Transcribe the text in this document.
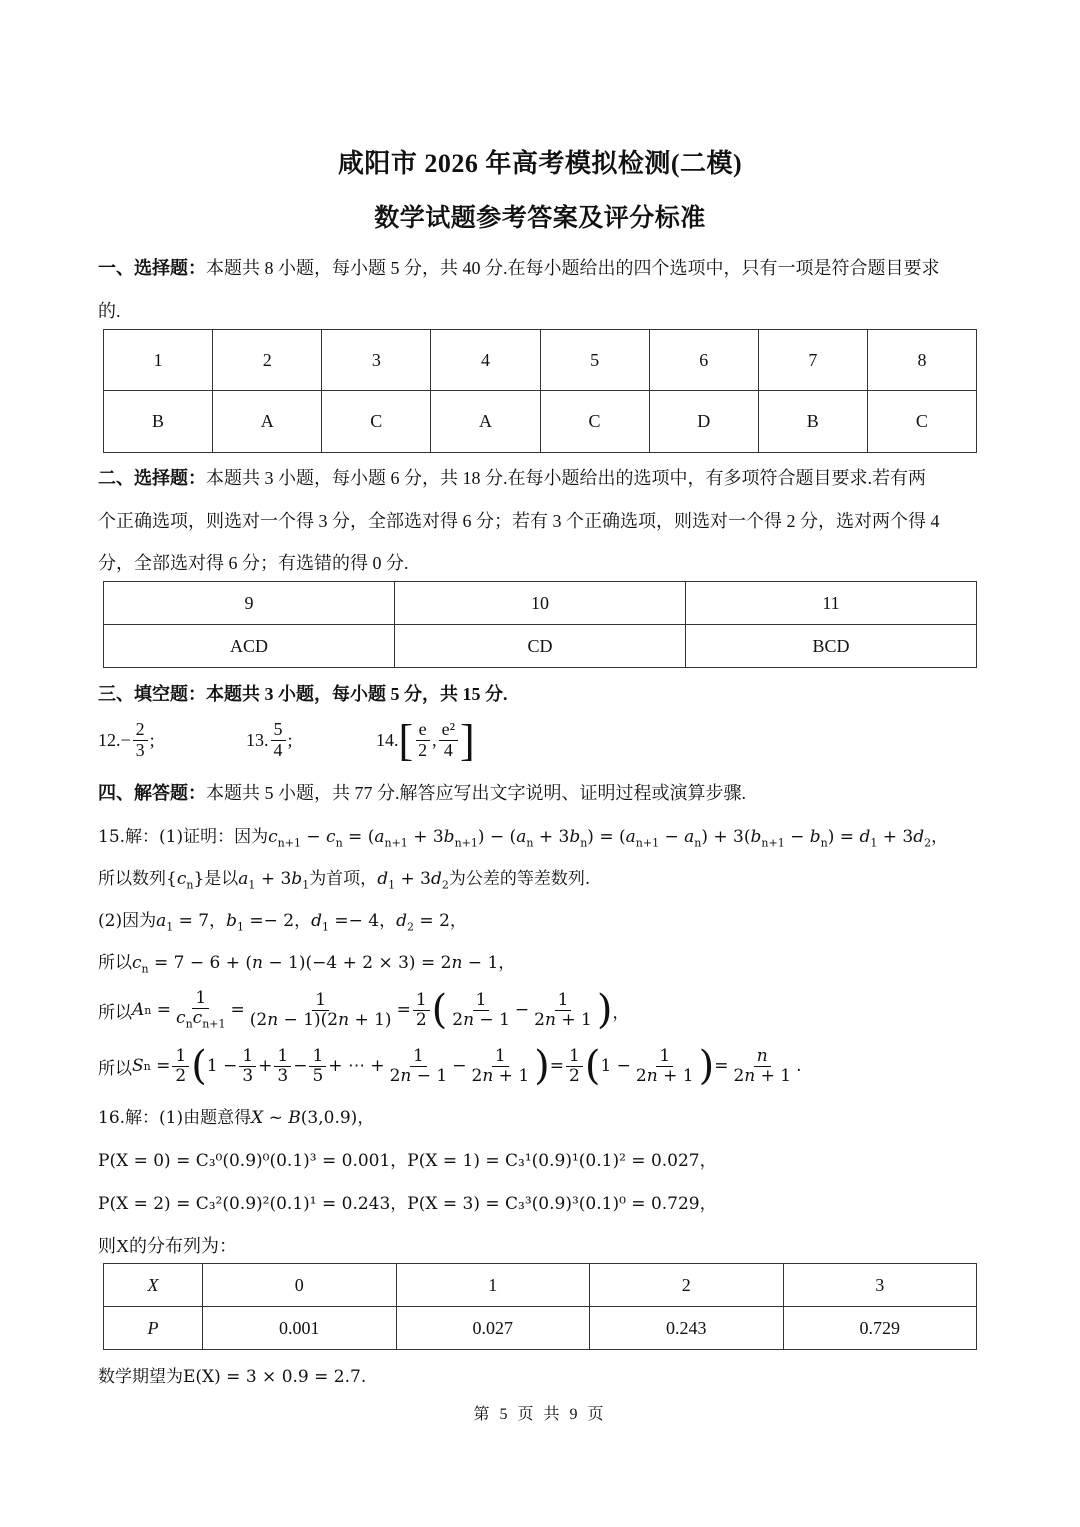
咸阳市 2026 年高考模拟检测(二模)
数学试题参考答案及评分标准
一、选择题：本题共 8 小题，每小题 5 分，共 40 分.在每小题给出的四个选项中，只有一项是符合题目要求
的.
1	2	3	4	5	6	7	8
B	A	C	A	C	D	B	C
二、选择题：本题共 3 小题，每小题 6 分，共 18 分.在每小题给出的选项中，有多项符合题目要求.若有两
个正确选项，则选对一个得 3 分，全部选对得 6 分；若有 3 个正确选项，则选对一个得 2 分，选对两个得 4
分，全部选对得 6 分；有选错的得 0 分.
9	10	11
ACD	CD	BCD
三、填空题：本题共 3 小题，每小题 5 分，共 15 分.
12. − $\frac{2}{3}$ ;	13. $\frac{5}{4}$ ;	14. [ $\frac{e}{2}$ , $\frac{\text{e²}}{4}$ ]
四、解答题：本题共 5 小题，共 77 分.解答应写出文字说明、证明过程或演算步骤.
15.解：(1)证明：因为$c_{n+1} - c_n = (a_{n+1} + 3b_{n+1}) - (a_n + 3b_n) = (a_{n+1} - a_n) + 3(b_{n+1} - b_n) = d_1 + 3d_2$，
所以数列$\{c_n\}$是以$a_1 + 3b_1$为首项，$d_1 + 3d_2$为公差的等差数列.
(2)因为$a_1 = 7$，$b_1 =- 2$，$d_1 =- 4$，$d_2 = 2$，
所以$c_n = 7 - 6 + (n - 1)(-4 + 2 \times 3) = 2n - 1$，
所以 A $n = \frac{1}{c_nc_{n+1}} = \frac{1}{(2n - 1)(2n + 1)} = \frac{1}{2}$ ( $\frac{1}{2n - 1} - \frac{1}{2n + 1}$ ) ，
所以 S $n = \frac{1}{2}$ ( $1 - \frac{1}{3} + \frac{1}{3} - \frac{1}{5}$ + ⋯ + $\frac{1}{2n - 1} - \frac{1}{2n + 1}$ ) = $\frac{1}{2}$ ( $1 - \frac{1}{2n + 1}$ ) = $\frac{n}{2n + 1}$ .
16.解：(1)由题意得X ~ B(3,0.9)，
P(X = 0) = C₃⁰(0.9)⁰(0.1)³ = 0.001，P(X = 1) = C₃¹(0.9)¹(0.1)² = 0.027，
P(X = 2) = C₃²(0.9)²(0.1)¹ = 0.243，P(X = 3) = C₃³(0.9)³(0.1)⁰ = 0.729，
则X的分布列为：
X	0	1	2	3
P	0.001	0.027	0.243	0.729
数学期望为E(X) = 3 × 0.9 = 2.7.
第 5 页 共 9 页
